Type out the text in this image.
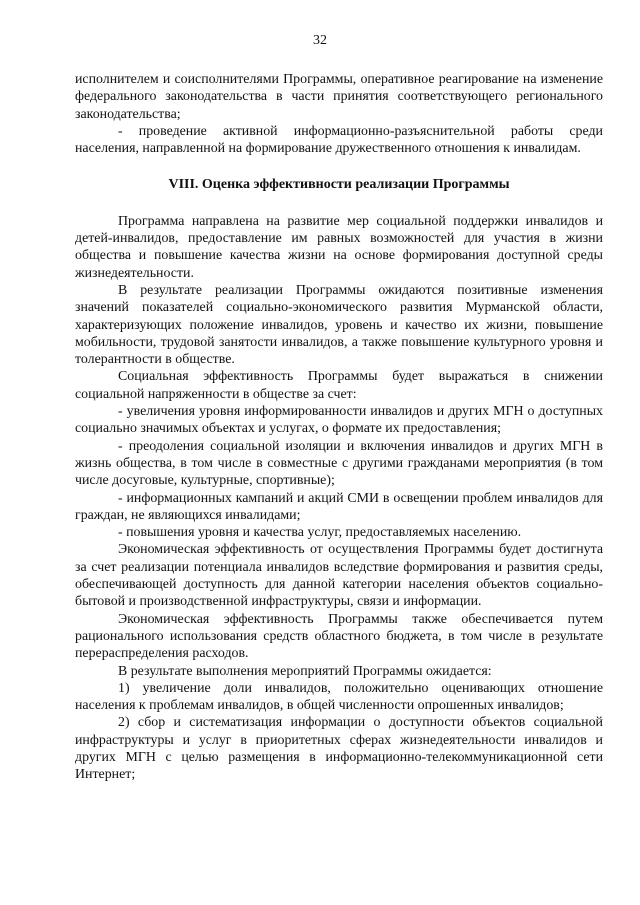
32

исполнителем и соисполнителями Программы, оперативное реагирование на изменение федерального законодательства в части принятия соответствующего регионального законодательства;

- проведение активной информационно-разъяснительной работы среди населения, направленной на формирование дружественного отношения к инвалидам.

VIII. Оценка эффективности реализации Программы

Программа направлена на развитие мер социальной поддержки инвалидов и детей-инвалидов, предоставление им равных возможностей для участия в жизни общества и повышение качества жизни на основе формирования доступной среды жизнедеятельности.

В результате реализации Программы ожидаются позитивные изменения значений показателей социально-экономического развития Мурманской области, характеризующих положение инвалидов, уровень и качество их жизни, повышение мобильности, трудовой занятости инвалидов, а также повышение культурного уровня и толерантности в обществе.

Социальная эффективность Программы будет выражаться в снижении социальной напряженности в обществе за счет:

- увеличения уровня информированности инвалидов и других МГН о доступных социально значимых объектах и услугах, о формате их предоставления;

- преодоления социальной изоляции и включения инвалидов и других МГН в жизнь общества, в том числе в совместные с другими гражданами мероприятия (в том числе досуговые, культурные, спортивные);

- информационных кампаний и акций СМИ в освещении проблем инвалидов для граждан, не являющихся инвалидами;

- повышения уровня и качества услуг, предоставляемых населению.

Экономическая эффективность от осуществления Программы будет достигнута за счет реализации потенциала инвалидов вследствие формирования и развития среды, обеспечивающей доступность для данной категории населения объектов социально-бытовой и производственной инфраструктуры, связи и информации.

Экономическая эффективность Программы также обеспечивается путем рационального использования средств областного бюджета, в том числе в результате перераспределения расходов.

В результате выполнения мероприятий Программы ожидается:

1) увеличение доли инвалидов, положительно оценивающих отношение населения к проблемам инвалидов, в общей численности опрошенных инвалидов;

2) сбор и систематизация информации о доступности объектов социальной инфраструктуры и услуг в приоритетных сферах жизнедеятельности инвалидов и других МГН с целью размещения в информационно-телекоммуникационной сети Интернет;
